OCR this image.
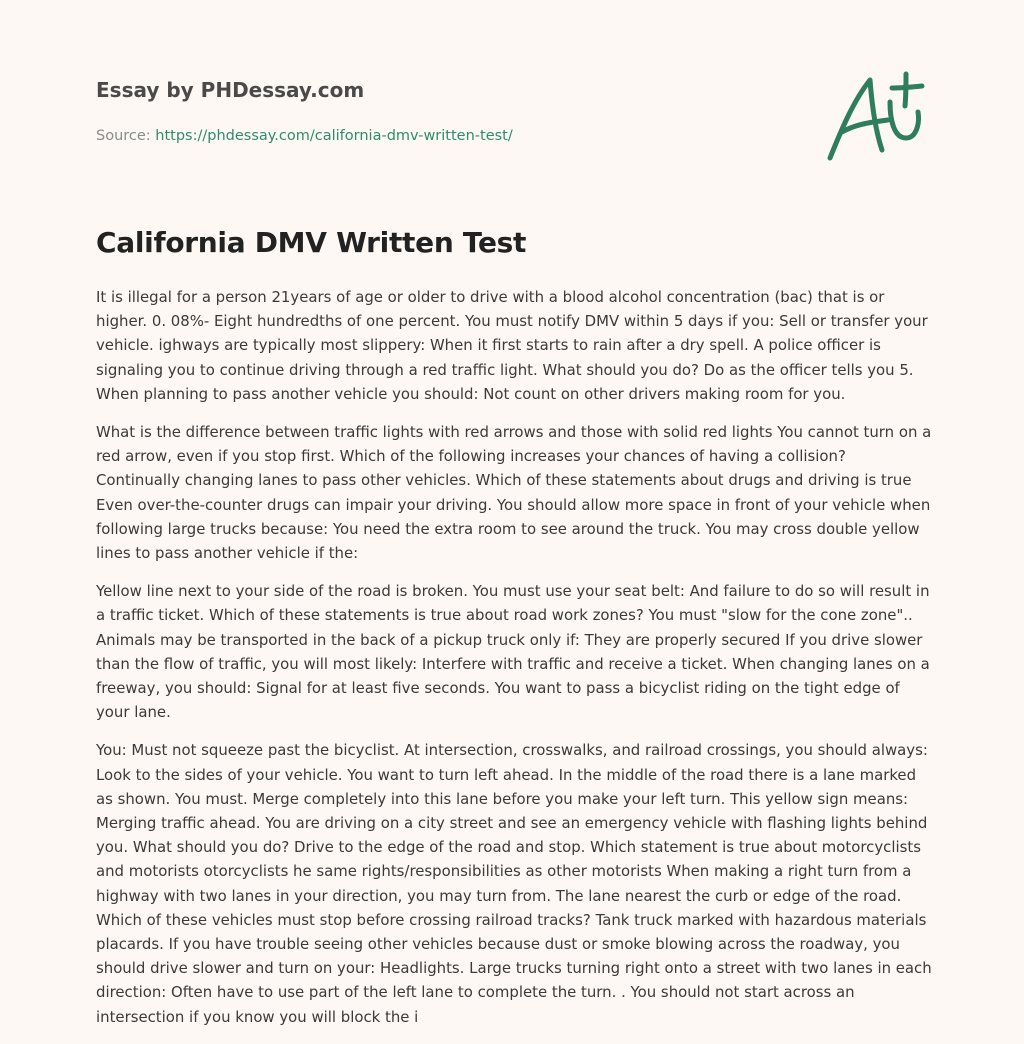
Essay by PHDessay.com
Source: https://phdessay.com/california-dmv-written-test/
California DMV Written Test

It is illegal for a person 21years of age or older to drive with a blood alcohol concentration (bac) that is or higher. 0. 08%- Eight hundredths of one percent. You must notify DMV within 5 days if you: Sell or transfer your vehicle. ighways are typically most slippery: When it first starts to rain after a dry spell. A police officer is signaling you to continue driving through a red traffic light. What should you do? Do as the officer tells you 5. When planning to pass another vehicle you should: Not count on other drivers making room for you.

What is the difference between traffic lights with red arrows and those with solid red lights You cannot turn on a red arrow, even if you stop first. Which of the following increases your chances of having a collision? Continually changing lanes to pass other vehicles. Which of these statements about drugs and driving is true Even over-the-counter drugs can impair your driving. You should allow more space in front of your vehicle when following large trucks because: You need the extra room to see around the truck. You may cross double yellow lines to pass another vehicle if the:

Yellow line next to your side of the road is broken. You must use your seat belt: And failure to do so will result in a traffic ticket. Which of these statements is true about road work zones? You must "slow for the cone zone".. Animals may be transported in the back of a pickup truck only if: They are properly secured If you drive slower than the flow of traffic, you will most likely: Interfere with traffic and receive a ticket. When changing lanes on a freeway, you should: Signal for at least five seconds. You want to pass a bicyclist riding on the tight edge of your lane.

You: Must not squeeze past the bicyclist. At intersection, crosswalks, and railroad crossings, you should always: Look to the sides of your vehicle. You want to turn left ahead. In the middle of the road there is a lane marked as shown. You must. Merge completely into this lane before you make your left turn. This yellow sign means: Merging traffic ahead. You are driving on a city street and see an emergency vehicle with flashing lights behind you. What should you do? Drive to the edge of the road and stop. Which statement is true about motorcyclists and motorists otorcyclists he same rights/responsibilities as other motorists When making a right turn from a highway with two lanes in your direction, you may turn from. The lane nearest the curb or edge of the road. Which of these vehicles must stop before crossing railroad tracks? Tank truck marked with hazardous materials placards. If you have trouble seeing other vehicles because dust or smoke blowing across the roadway, you should drive slower and turn on your: Headlights. Large trucks turning right onto a street with two lanes in each direction: Often have to use part of the left lane to complete the turn. . You should not start across an intersection if you know you will block the i
